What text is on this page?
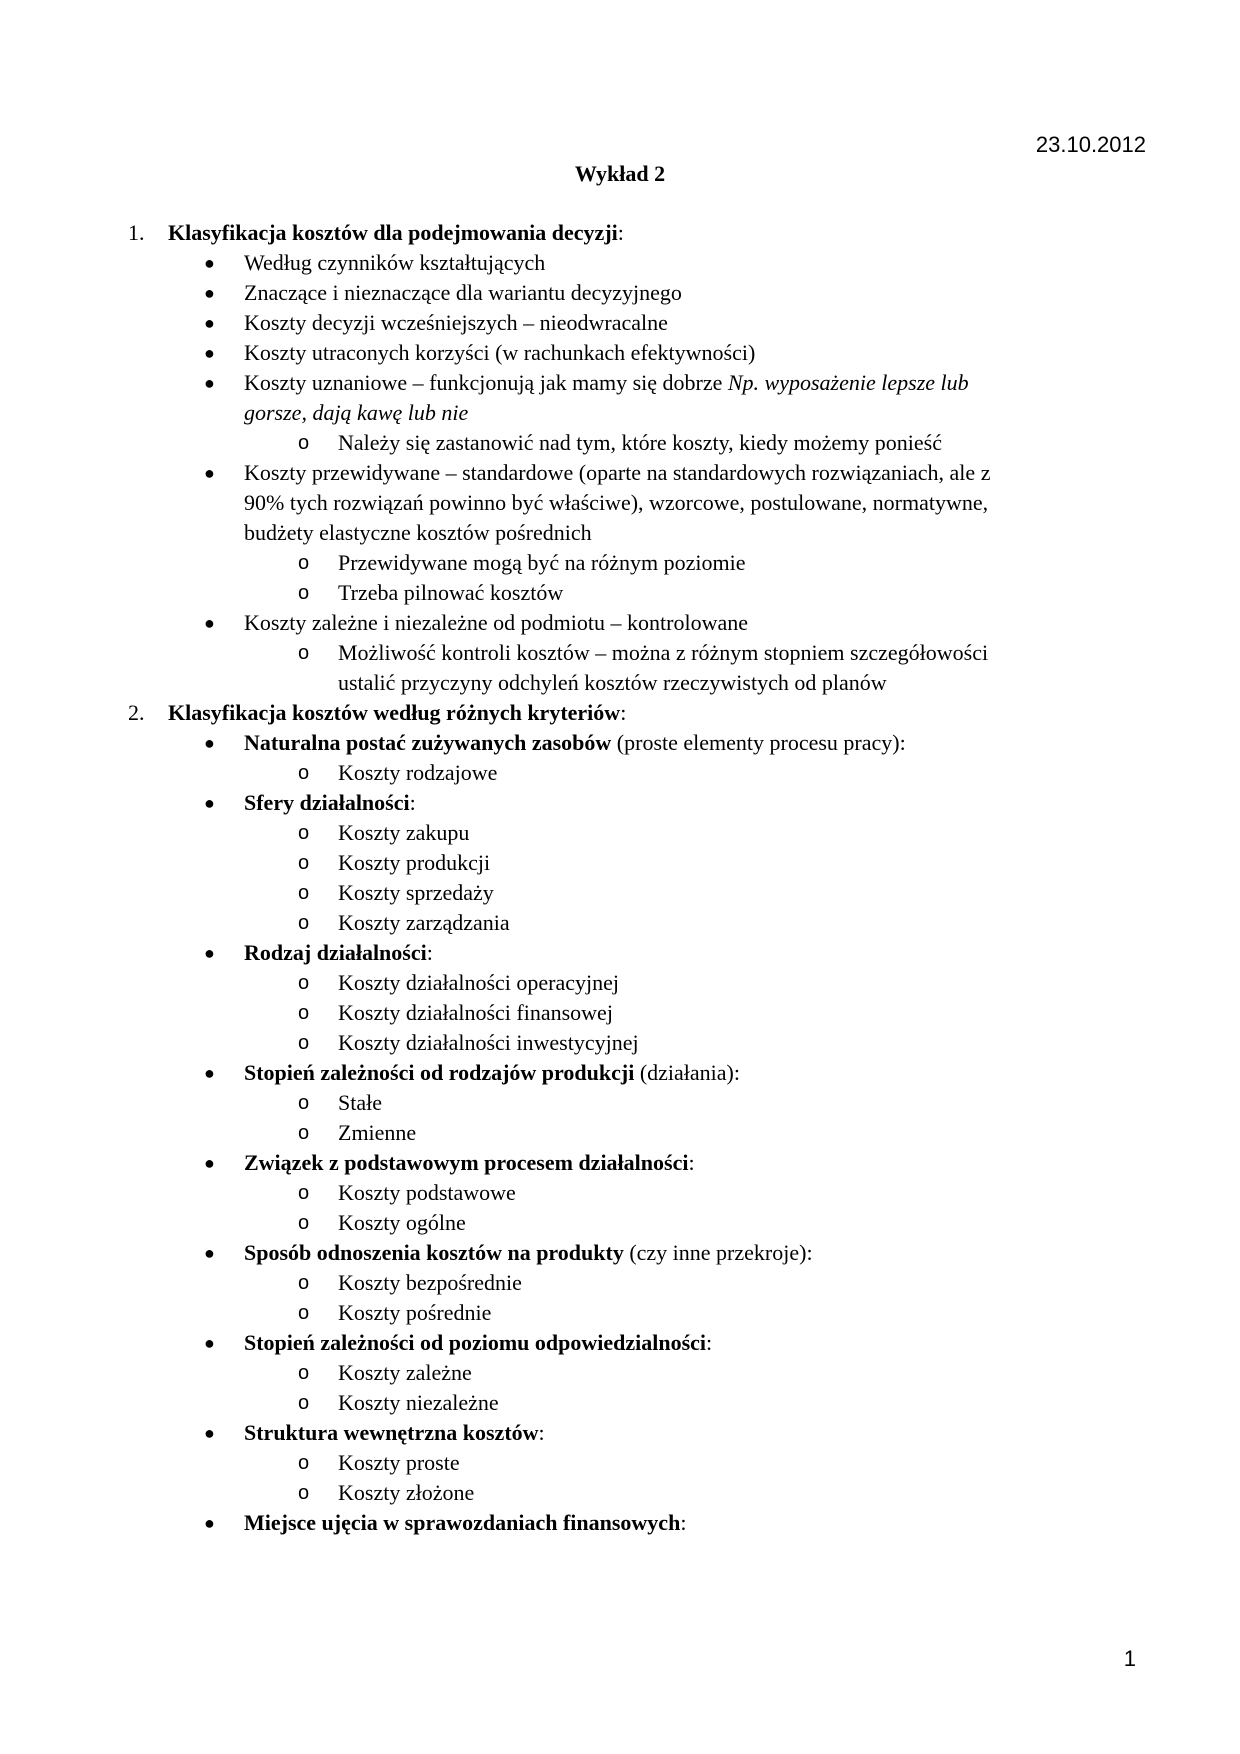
23.10.2012
Wykład 2
1. Klasyfikacja kosztów dla podejmowania decyzji:
● Według czynników kształtujących
● Znaczące i nieznaczące dla wariantu decyzyjnego
● Koszty decyzji wcześniejszych – nieodwracalne
● Koszty utraconych korzyści (w rachunkach efektywności)
● Koszty uznaniowe – funkcjonują jak mamy się dobrze Np. wyposażenie lepsze lub
gorsze, dają kawę lub nie
o Należy się zastanowić nad tym, które koszty, kiedy możemy ponieść
● Koszty przewidywane – standardowe (oparte na standardowych rozwiązaniach, ale z
90% tych rozwiązań powinno być właściwe), wzorcowe, postulowane, normatywne,
budżety elastyczne kosztów pośrednich
o Przewidywane mogą być na różnym poziomie
o Trzeba pilnować kosztów
● Koszty zależne i niezależne od podmiotu – kontrolowane
o Możliwość kontroli kosztów – można z różnym stopniem szczegółowości
ustalić przyczyny odchyleń kosztów rzeczywistych od planów
2. Klasyfikacja kosztów według różnych kryteriów:
● Naturalna postać zużywanych zasobów (proste elementy procesu pracy):
o Koszty rodzajowe
● Sfery działalności:
o Koszty zakupu
o Koszty produkcji
o Koszty sprzedaży
o Koszty zarządzania
● Rodzaj działalności:
o Koszty działalności operacyjnej
o Koszty działalności finansowej
o Koszty działalności inwestycyjnej
● Stopień zależności od rodzajów produkcji (działania):
o Stałe
o Zmienne
● Związek z podstawowym procesem działalności:
o Koszty podstawowe
o Koszty ogólne
● Sposób odnoszenia kosztów na produkty (czy inne przekroje):
o Koszty bezpośrednie
o Koszty pośrednie
● Stopień zależności od poziomu odpowiedzialności:
o Koszty zależne
o Koszty niezależne
● Struktura wewnętrzna kosztów:
o Koszty proste
o Koszty złożone
● Miejsce ujęcia w sprawozdaniach finansowych:
1
